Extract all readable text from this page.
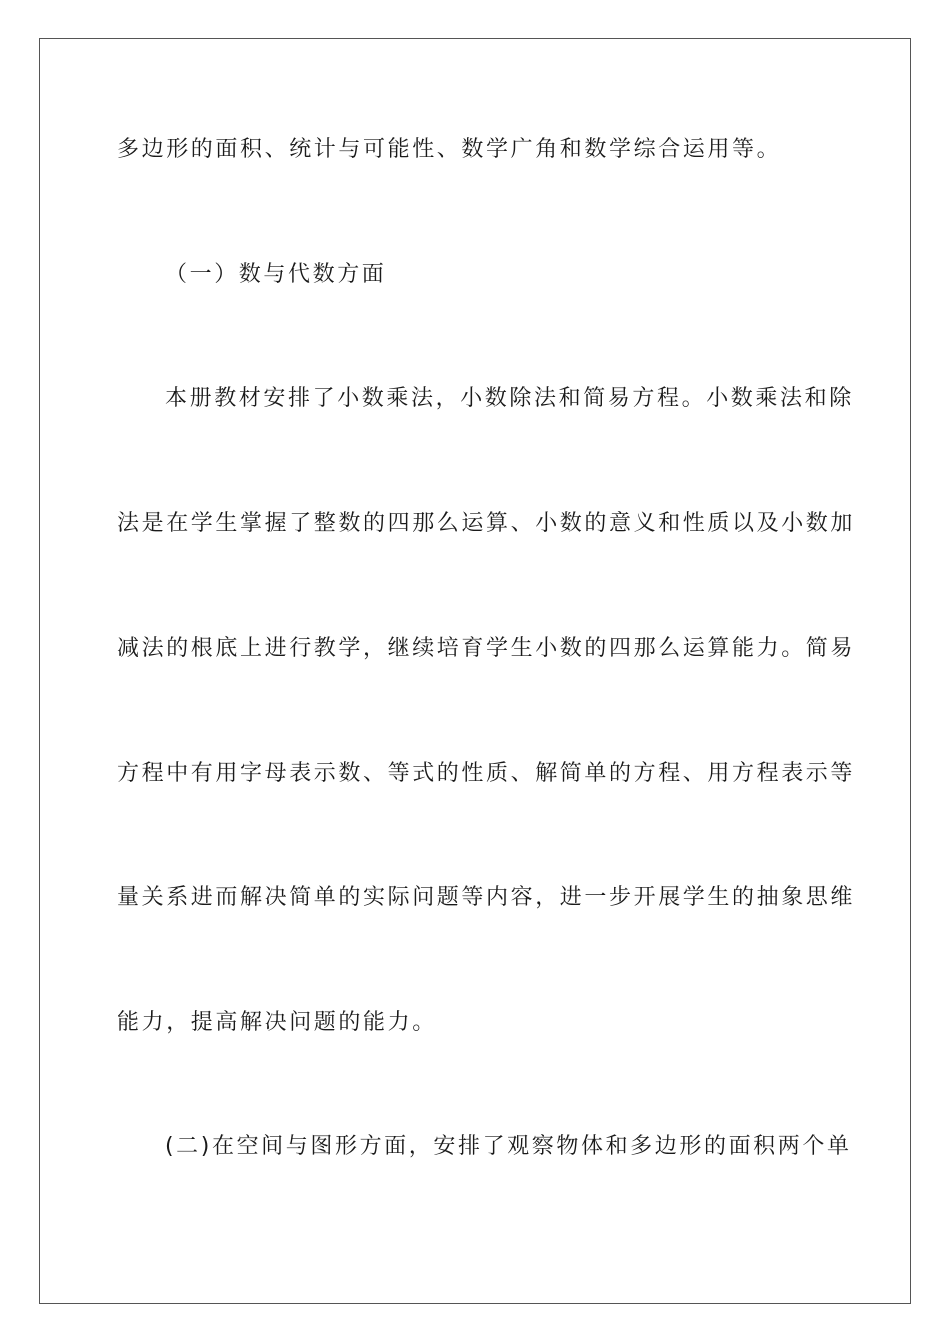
多边形的面积、统计与可能性、数学广角和数学综合运用等。
（一）数与代数方面
本册教材安排了小数乘法，小数除法和简易方程。小数乘法和除
法是在学生掌握了整数的四那么运算、小数的意义和性质以及小数加
减法的根底上进行教学，继续培育学生小数的四那么运算能力。简易
方程中有用字母表示数、等式的性质、解简单的方程、用方程表示等
量关系进而解决简单的实际问题等内容，进一步开展学生的抽象思维
能力，提高解决问题的能力。
(二)在空间与图形方面，安排了观察物体和多边形的面积两个单
